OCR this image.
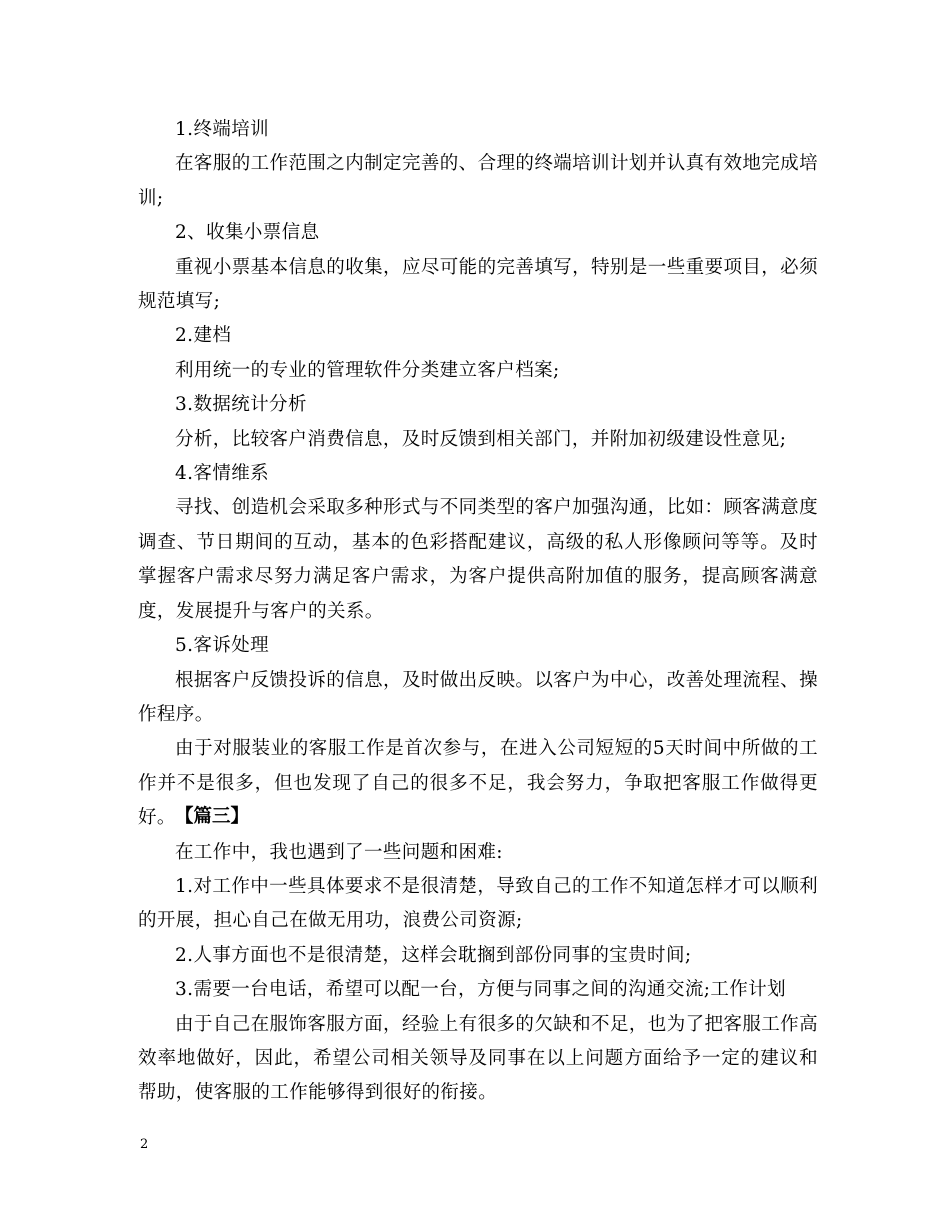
1.终端培训

在客服的工作范围之内制定完善的、合理的终端培训计划并认真有效地完成培训;

2、收集小票信息

重视小票基本信息的收集，应尽可能的完善填写，特别是一些重要项目，必须规范填写;

2.建档

利用统一的专业的管理软件分类建立客户档案;

3.数据统计分析

分析，比较客户消费信息，及时反馈到相关部门，并附加初级建设性意见;

4.客情维系

寻找、创造机会采取多种形式与不同类型的客户加强沟通，比如：顾客满意度调查、节日期间的互动，基本的色彩搭配建议，高级的私人形像顾问等等。及时掌握客户需求尽努力满足客户需求，为客户提供高附加值的服务，提高顾客满意度，发展提升与客户的关系。

5.客诉处理

根据客户反馈投诉的信息，及时做出反映。以客户为中心，改善处理流程、操作程序。

由于对服装业的客服工作是首次参与，在进入公司短短的5天时间中所做的工作并不是很多，但也发现了自己的很多不足，我会努力，争取把客服工作做得更好。

在工作中，我也遇到了一些问题和困难:

1.对工作中一些具体要求不是很清楚，导致自己的工作不知道怎样才可以顺利的开展，担心自己在做无用功，浪费公司资源;

2.人事方面也不是很清楚，这样会耽搁到部份同事的宝贵时间;

3.需要一台电话，希望可以配一台，方便与同事之间的沟通交流;工作计划

由于自己在服饰客服方面，经验上有很多的欠缺和不足，也为了把客服工作高效率地做好，因此，希望公司相关领导及同事在以上问题方面给予一定的建议和帮助，使客服的工作能够得到很好的衔接。

【篇三】
2
